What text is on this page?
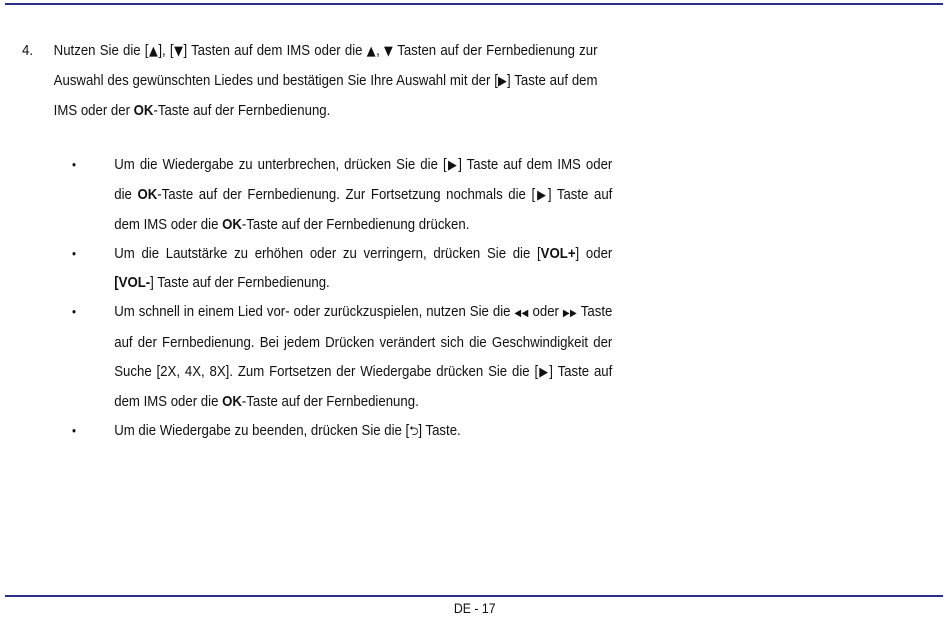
4. Nutzen Sie die [▲], [▼] Tasten auf dem IMS oder die ▲, ▼ Tasten auf der Fernbedienung zur Auswahl des gewünschten Liedes und bestätigen Sie Ihre Auswahl mit der [▶] Taste auf dem IMS oder der OK-Taste auf der Fernbedienung.
•	Um die Wiedergabe zu unterbrechen, drücken Sie die [▶] Taste auf dem IMS oder die OK-Taste auf der Fernbedienung. Zur Fortsetzung nochmals die [▶] Taste auf dem IMS oder die OK-Taste auf der Fernbedienung drücken.
•	Um die Lautstärke zu erhöhen oder zu verringern, drücken Sie die [VOL+] oder [VOL-] Taste auf der Fernbedienung.
•	Um schnell in einem Lied vor- oder zurückzuspielen, nutzen Sie die ◀◀ oder ▶▶ Taste auf der Fernbedienung. Bei jedem Drücken verändert sich die Geschwindigkeit der Suche [2X, 4X, 8X]. Zum Fortsetzen der Wiedergabe drücken Sie die [▶] Taste auf dem IMS oder die OK-Taste auf der Fernbedienung.
•	Um die Wiedergabe zu beenden, drücken Sie die [⮌] Taste.
DE - 17
